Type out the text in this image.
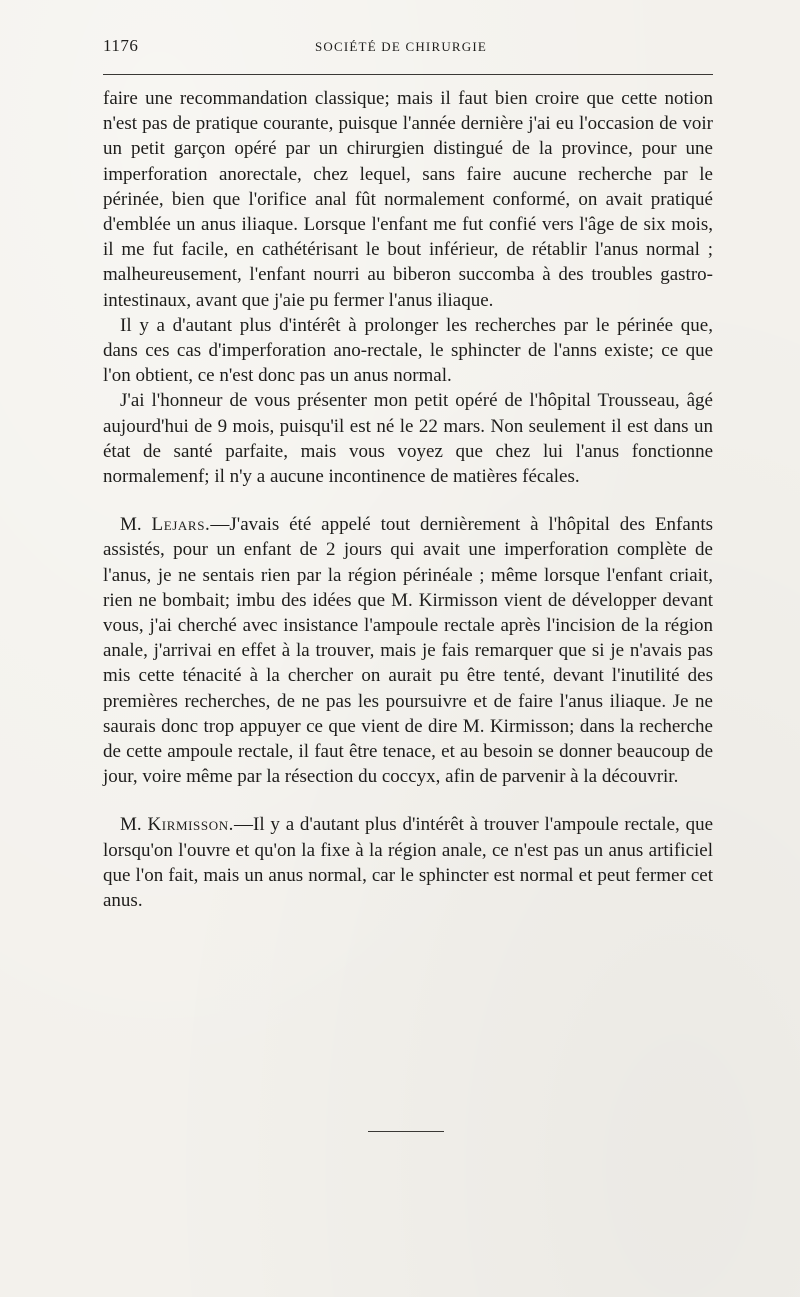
1176	SOCIÉTÉ DE CHIRURGIE

faire une recommandation classique; mais il faut bien croire que cette notion n'est pas de pratique courante, puisque l'année dernière j'ai eu l'occasion de voir un petit garçon opéré par un chirurgien distingué de la province, pour une imperforation anorectale, chez lequel, sans faire aucune recherche par le périnée, bien que l'orifice anal fût normalement conformé, on avait pratiqué d'emblée un anus iliaque. Lorsque l'enfant me fut confié vers l'âge de six mois, il me fut facile, en cathétérisant le bout inférieur, de rétablir l'anus normal ; malheureusement, l'enfant nourri au biberon succomba à des troubles gastro-intestinaux, avant que j'aie pu fermer l'anus iliaque.

Il y a d'autant plus d'intérêt à prolonger les recherches par le périnée que, dans ces cas d'imperforation ano-rectale, le sphincter de l'anns existe; ce que l'on obtient, ce n'est donc pas un anus normal.

J'ai l'honneur de vous présenter mon petit opéré de l'hôpital Trousseau, âgé aujourd'hui de 9 mois, puisqu'il est né le 22 mars. Non seulement il est dans un état de santé parfaite, mais vous voyez que chez lui l'anus fonctionne normalemenf; il n'y a aucune incontinence de matières fécales.

M. Lejars.—J'avais été appelé tout dernièrement à l'hôpital des Enfants assistés, pour un enfant de 2 jours qui avait une imperforation complète de l'anus, je ne sentais rien par la région périnéale ; même lorsque l'enfant criait, rien ne bombait; imbu des idées que M. Kirmisson vient de développer devant vous, j'ai cherché avec insistance l'ampoule rectale après l'incision de la région anale, j'arrivai en effet à la trouver, mais je fais remarquer que si je n'avais pas mis cette ténacité à la chercher on aurait pu être tenté, devant l'inutilité des premières recherches, de ne pas les poursuivre et de faire l'anus iliaque. Je ne saurais donc trop appuyer ce que vient de dire M. Kirmisson; dans la recherche de cette ampoule rectale, il faut être tenace, et au besoin se donner beaucoup de jour, voire même par la résection du coccyx, afin de parvenir à la découvrir.

M. Kirmisson.—Il y a d'autant plus d'intérêt à trouver l'ampoule rectale, que lorsqu'on l'ouvre et qu'on la fixe à la région anale, ce n'est pas un anus artificiel que l'on fait, mais un anus normal, car le sphincter est normal et peut fermer cet anus.
